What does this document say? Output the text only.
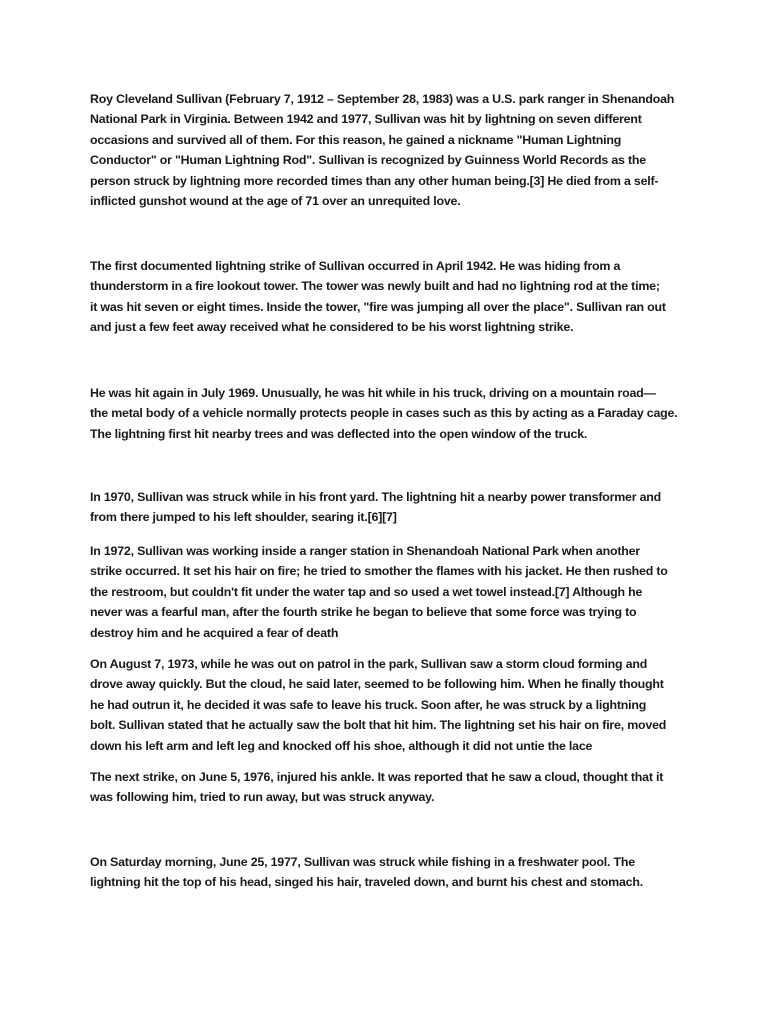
Roy Cleveland Sullivan (February 7, 1912 – September 28, 1983) was a U.S. park ranger in Shenandoah
National Park in Virginia. Between 1942 and 1977, Sullivan was hit by lightning on seven different
occasions and survived all of them. For this reason, he gained a nickname "Human Lightning
Conductor" or "Human Lightning Rod". Sullivan is recognized by Guinness World Records as the
person struck by lightning more recorded times than any other human being.[3] He died from a self-
inflicted gunshot wound at the age of 71 over an unrequited love.

The first documented lightning strike of Sullivan occurred in April 1942. He was hiding from a
thunderstorm in a fire lookout tower. The tower was newly built and had no lightning rod at the time;
it was hit seven or eight times. Inside the tower, "fire was jumping all over the place". Sullivan ran out
and just a few feet away received what he considered to be his worst lightning strike.

He was hit again in July 1969. Unusually, he was hit while in his truck, driving on a mountain road—
the metal body of a vehicle normally protects people in cases such as this by acting as a Faraday cage.
The lightning first hit nearby trees and was deflected into the open window of the truck.

In 1970, Sullivan was struck while in his front yard. The lightning hit a nearby power transformer and
from there jumped to his left shoulder, searing it.[6][7]

In 1972, Sullivan was working inside a ranger station in Shenandoah National Park when another
strike occurred. It set his hair on fire; he tried to smother the flames with his jacket. He then rushed to
the restroom, but couldn't fit under the water tap and so used a wet towel instead.[7] Although he
never was a fearful man, after the fourth strike he began to believe that some force was trying to
destroy him and he acquired a fear of death

On August 7, 1973, while he was out on patrol in the park, Sullivan saw a storm cloud forming and
drove away quickly. But the cloud, he said later, seemed to be following him. When he finally thought
he had outrun it, he decided it was safe to leave his truck. Soon after, he was struck by a lightning
bolt. Sullivan stated that he actually saw the bolt that hit him. The lightning set his hair on fire, moved
down his left arm and left leg and knocked off his shoe, although it did not untie the lace

The next strike, on June 5, 1976, injured his ankle. It was reported that he saw a cloud, thought that it
was following him, tried to run away, but was struck anyway.

On Saturday morning, June 25, 1977, Sullivan was struck while fishing in a freshwater pool. The
lightning hit the top of his head, singed his hair, traveled down, and burnt his chest and stomach.
